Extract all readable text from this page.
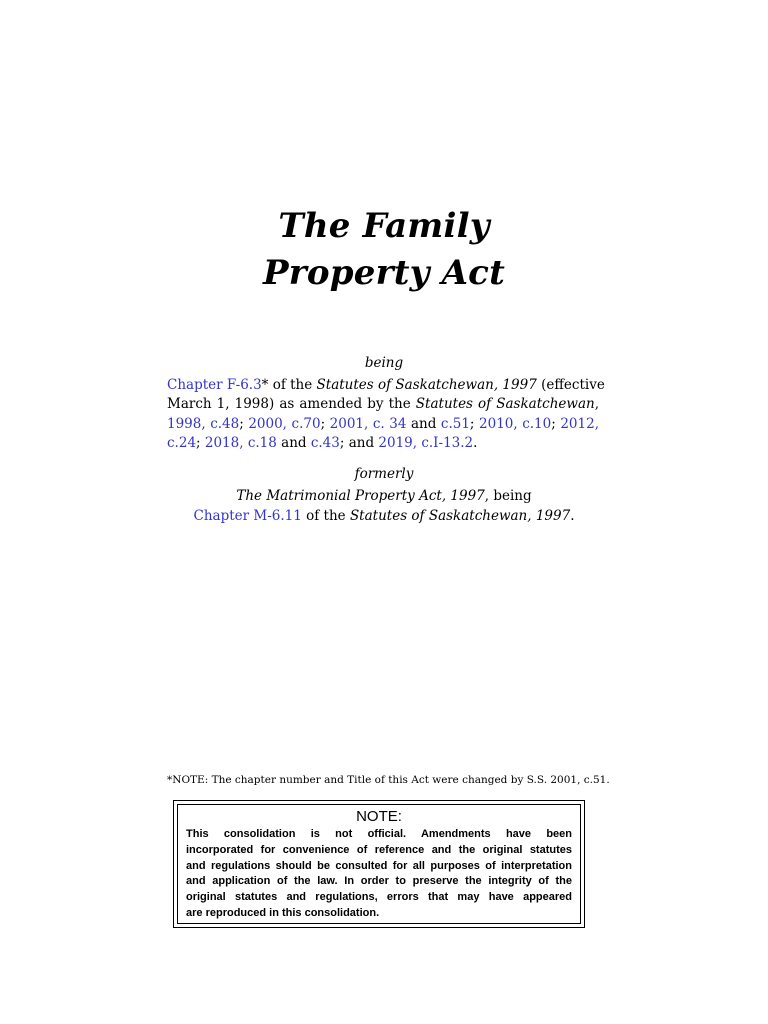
The Family
Property Act
being
Chapter F-6.3* of the Statutes of Saskatchewan, 1997 (effective
March 1, 1998) as amended by the Statutes of Saskatchewan,
1998, c.48; 2000, c.70; 2001, c. 34 and c.51; 2010, c.10; 2012,
c.24; 2018, c.18 and c.43; and 2019, c.I-13.2.
formerly
The Matrimonial Property Act, 1997, being
Chapter M-6.11 of the Statutes of Saskatchewan, 1997.
*NOTE: The chapter number and Title of this Act were changed by S.S. 2001, c.51.
NOTE:
This consolidation is not official. Amendments have been
incorporated for convenience of reference and the original statutes
and regulations should be consulted for all purposes of interpretation
and application of the law. In order to preserve the integrity of the
original statutes and regulations, errors that may have appeared
are reproduced in this consolidation.
